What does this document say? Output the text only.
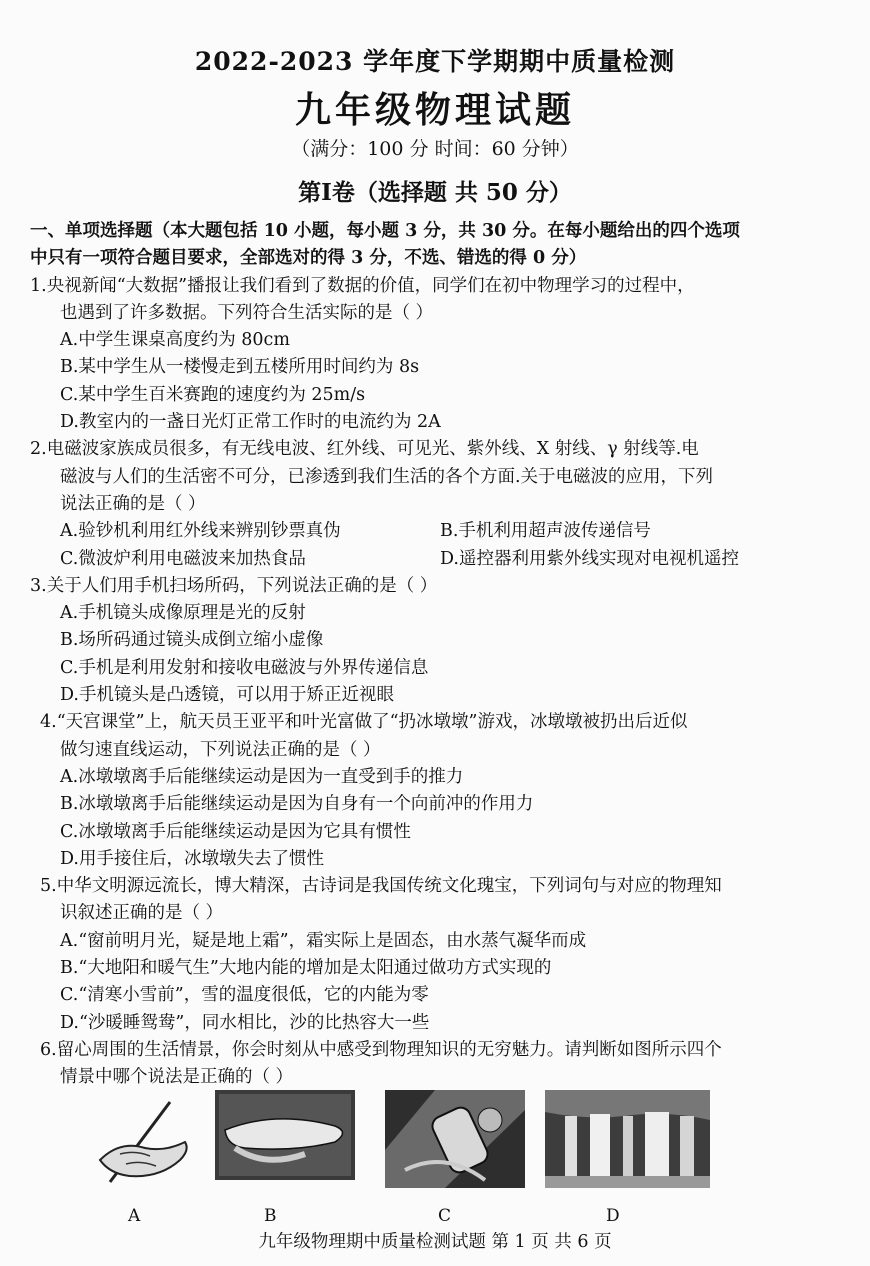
2022-2023 学年度下学期期中质量检测
九年级物理试题
（满分：100 分 时间：60 分钟）
第Ⅰ卷（选择题 共 50 分）
一、单项选择题（本大题包括 10 小题，每小题 3 分，共 30 分。在每小题给出的四个选项
中只有一项符合题目要求，全部选对的得 3 分，不选、错选的得 0 分）
1.央视新闻“大数据”播报让我们看到了数据的价值，同学们在初中物理学习的过程中，
也遇到了许多数据。下列符合生活实际的是（ ）
A.中学生课桌高度约为 80cm
B.某中学生从一楼慢走到五楼所用时间约为 8s
C.某中学生百米赛跑的速度约为 25m/s
D.教室内的一盏日光灯正常工作时的电流约为 2A
2.电磁波家族成员很多，有无线电波、红外线、可见光、紫外线、X 射线、γ 射线等.电
磁波与人们的生活密不可分，已渗透到我们生活的各个方面.关于电磁波的应用，下列
说法正确的是（ ）
A.验钞机利用红外线来辨别钞票真伪	B.手机利用超声波传递信号
C.微波炉利用电磁波来加热食品	D.遥控器利用紫外线实现对电视机遥控
3.关于人们用手机扫场所码，下列说法正确的是（ ）
A.手机镜头成像原理是光的反射
B.场所码通过镜头成倒立缩小虚像
C.手机是利用发射和接收电磁波与外界传递信息
D.手机镜头是凸透镜，可以用于矫正近视眼
4.“天宫课堂”上，航天员王亚平和叶光富做了“扔冰墩墩”游戏，冰墩墩被扔出后近似
做匀速直线运动，下列说法正确的是（ ）
A.冰墩墩离手后能继续运动是因为一直受到手的推力
B.冰墩墩离手后能继续运动是因为自身有一个向前冲的作用力
C.冰墩墩离手后能继续运动是因为它具有惯性
D.用手接住后，冰墩墩失去了惯性
5.中华文明源远流长，博大精深，古诗词是我国传统文化瑰宝，下列词句与对应的物理知
识叙述正确的是（ ）
A.“窗前明月光，疑是地上霜”，霜实际上是固态，由水蒸气凝华而成
B.“大地阳和暖气生”大地内能的增加是太阳通过做功方式实现的
C.“清寒小雪前”，雪的温度很低，它的内能为零
D.“沙暖睡鸳鸯”，同水相比，沙的比热容大一些
6.留心周围的生活情景，你会时刻从中感受到物理知识的无穷魅力。请判断如图所示四个
情景中哪个说法是正确的（ ）
A	B	C	D
九年级物理期中质量检测试题 第 1 页 共 6 页
